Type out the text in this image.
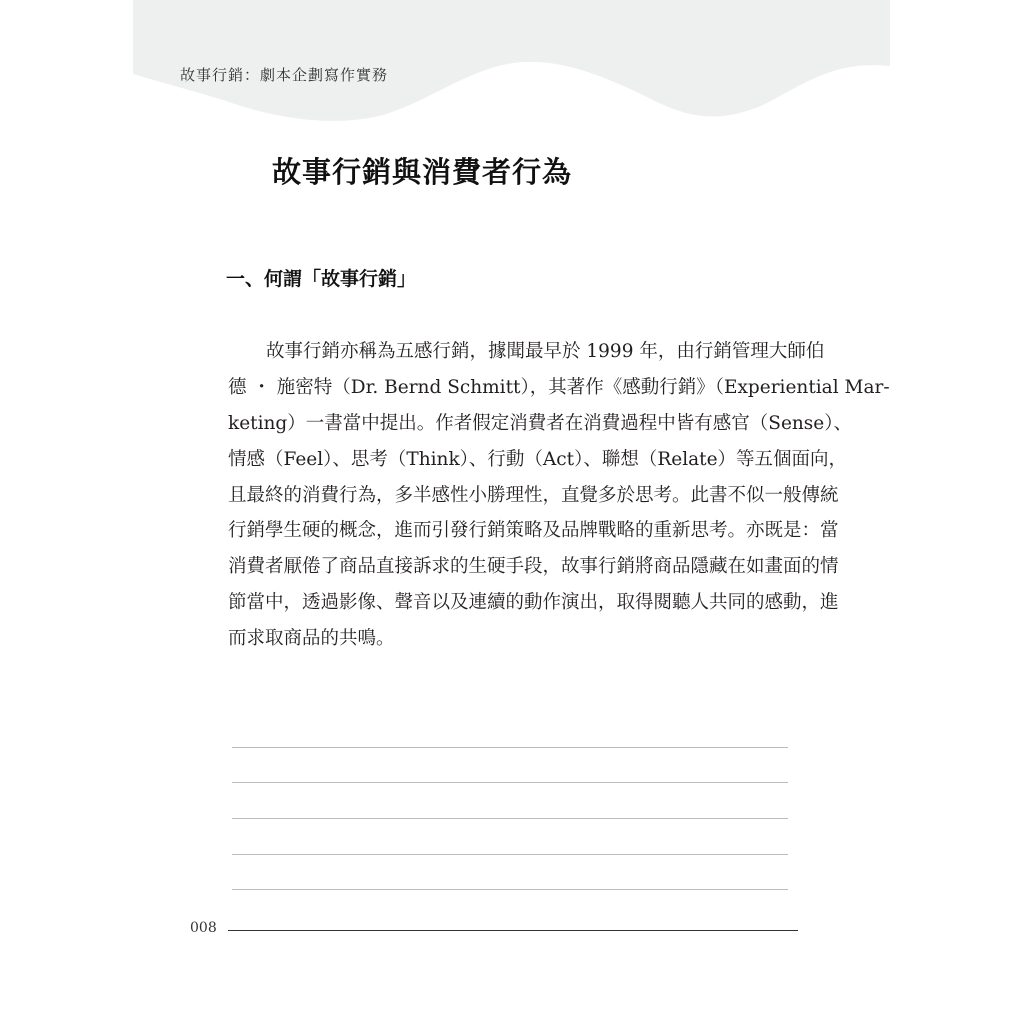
故事行銷：劇本企劃寫作實務
故事行銷與消費者行為
一、何謂「故事行銷」
故事行銷亦稱為五感行銷，據聞最早於 1999 年，由行銷管理大師伯
德 ・ 施密特（Dr. Bernd Schmitt），其著作《感動行銷》（Experiential Mar-
keting）一書當中提出。作者假定消費者在消費過程中皆有感官（Sense）、
情感（Feel）、思考（Think）、行動（Act）、聯想（Relate）等五個面向，
且最終的消費行為，多半感性小勝理性，直覺多於思考。此書不似一般傳統
行銷學生硬的概念，進而引發行銷策略及品牌戰略的重新思考。亦既是：當
消費者厭倦了商品直接訴求的生硬手段，故事行銷將商品隱藏在如畫面的情
節當中，透過影像、聲音以及連續的動作演出，取得閱聽人共同的感動，進
而求取商品的共鳴。
008
